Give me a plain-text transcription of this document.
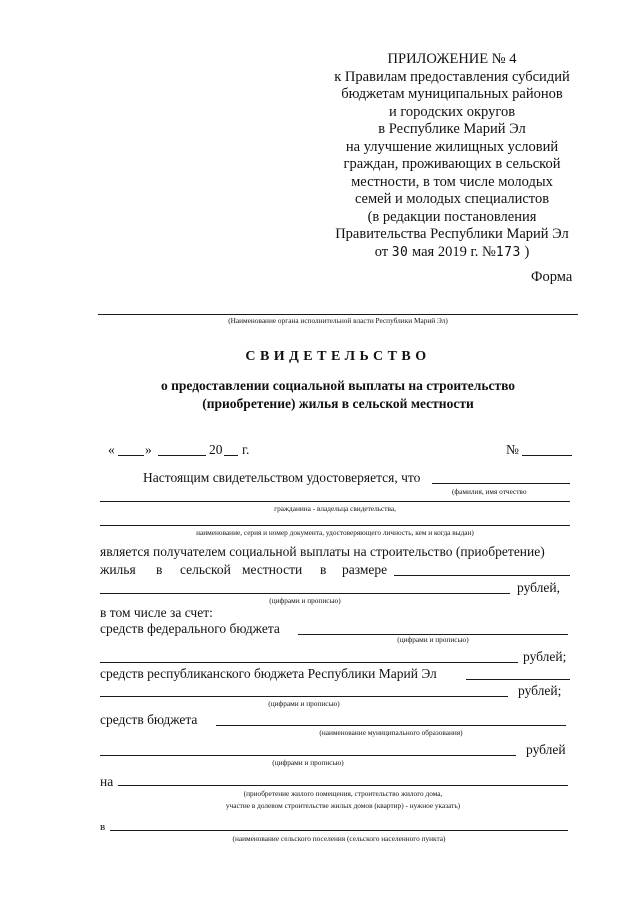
ПРИЛОЖЕНИЕ № 4
к Правилам предоставления субсидий
бюджетам муниципальных районов
и городских округов
в Республике Марий Эл
на улучшение жилищных условий
граждан, проживающих в сельской
местности, в том числе молодых
семей и молодых специалистов
(в редакции постановления
Правительства Республики Марий Эл
от 30 мая 2019 г. №173 )
Форма
(Наименование органа исполнительной власти Республики Марий Эл)
СВИДЕТЕЛЬСТВО
о предоставлении социальной выплаты на строительство
(приобретение) жилья в сельской местности
« »	20 г.	№
Настоящим свидетельством удостоверяется, что
(фамилия, имя отчество
гражданина - владельца свидетельства,
наименование, серия и номер документа, удостоверяющего личность, кем и когда выдан)
является получателем социальной выплаты на строительство (приобретение)
жилья в сельской местности в размере
рублей,
(цифрами и прописью)
в том числе за счет:
средств федерального бюджета
(цифрами и прописью)
рублей;
средств республиканского бюджета Республики Марий Эл
рублей;
(цифрами и прописью)
средств бюджета
(наименование муниципального образования)
рублей
(цифрами и прописью)
на
(приобретение жилого помещения, строительство жилого дома,
участие в долевом строительстве жилых домов (квартир) - нужное указать)
в
(наименование сельского поселения (сельского населенного пункта)
